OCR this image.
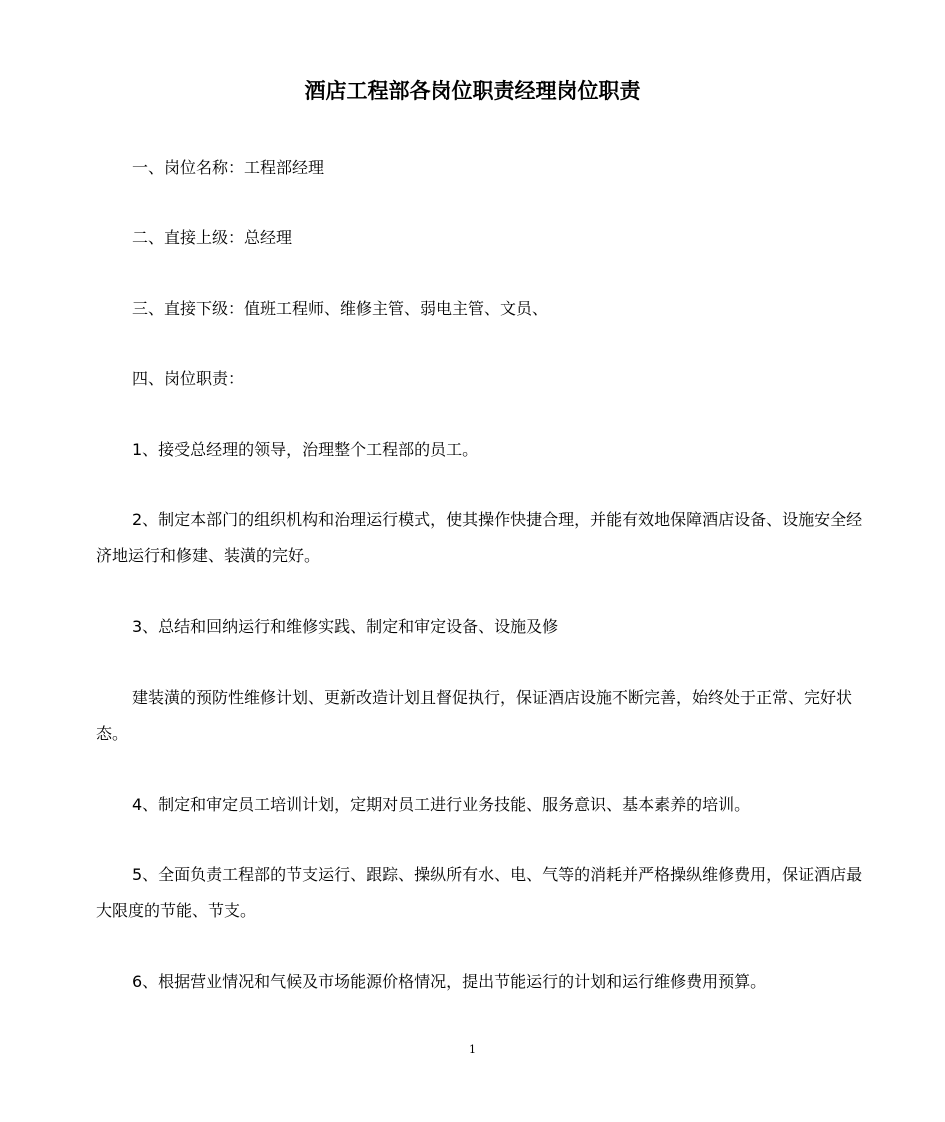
酒店工程部各岗位职责经理岗位职责

一、岗位名称：工程部经理

二、直接上级：总经理

三、直接下级：值班工程师、维修主管、弱电主管、文员、

四、岗位职责：

1、接受总经理的领导，治理整个工程部的员工。

2、制定本部门的组织机构和治理运行模式，使其操作快捷合理，并能有效地保障酒店设备、设施安全经济地运行和修建、装潢的完好。

3、总结和回纳运行和维修实践、制定和审定设备、设施及修

建装潢的预防性维修计划、更新改造计划且督促执行，保证酒店设施不断完善，始终处于正常、完好状态。

4、制定和审定员工培训计划，定期对员工进行业务技能、服务意识、基本素养的培训。

5、全面负责工程部的节支运行、跟踪、操纵所有水、电、气等的消耗并严格操纵维修费用，保证酒店最大限度的节能、节支。

6、根据营业情况和气候及市场能源价格情况，提出节能运行的计划和运行维修费用预算。

1
